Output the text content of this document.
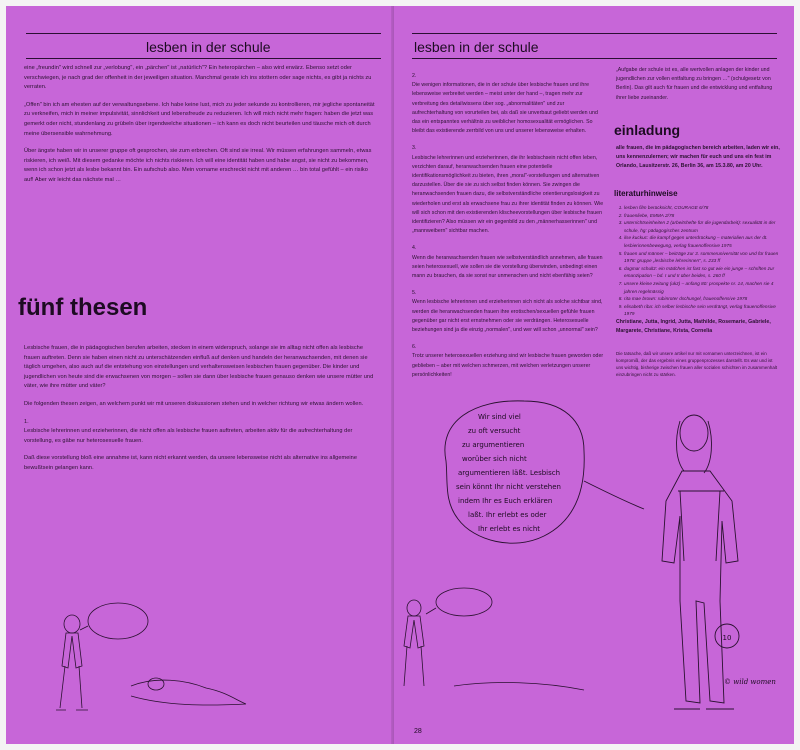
lesben in der schule

eine „freundin" wird schnell zur „verlobung", ein „pärchen" ist „natürlich"? Ein heteropärchen – also wird erwärz. Ebenso setzt oder verschwiegen, je nach grad der offenheit in der jeweiligen situation. Manchmal gerate ich ins stottern oder sage nichts, es gibt ja nichts zu verraten.

„Offen" bin ich am ehesten auf der verwaltungsebene. Ich habe keine lust, mich zu jeder sekunde zu kontrollieren, mir jegliche spontaneität zu verkneifen, mich in meiner impulsivität, sinnlichkeit und lebensfreude zu reduzieren. Ich will mich nicht mehr fragen: haben die jetzt was gemerkt oder nicht, stundenlang zu grübeln über irgendwelche situationen – ich kann es doch nicht beurteilen und täusche mich oft durch meine übersensible wahrnehmung.

Über ängste haben wir in unserer gruppe oft gesprochen, sie zum erbrechen. Oft sind sie irreal. Wir müssen erfahrungen sammeln, etwas riskieren, ich weiß. Mit diesem gedanke möchte ich nichts riskieren. Ich will eine identität haben und habe angst, sie nicht zu bekommen, wenn ich schon jetzt als lesbe bekannt bin. Ein aufschub also. Mein vorname erschreckt nicht mit anderen … bin total gefühlt – ein risiko auf! Aber wir leicht das nächste mal …

fünf thesen

Lesbische frauen, die in pädagogischen berufen arbeiten, stecken in einem widerspruch, solange sie im alltag nicht offen als lesbische frauen auftreten. Denn sie haben einen nicht zu unterschätzenden einfluß auf denken und handeln der heranwachsenden, mit denen sie täglich umgehen, also auch auf die entstehung von einstellungen und verhaltensweisen lesbischen frauen gegenüber. Die kinder und jugendlichen von heute sind die erwachsenen von morgen – sollen sie dann über lesbische frauen genauso denken wie unsere mütter und väter, wie ihre mütter und väter?

Die folgenden thesen zeigen, an welchem punkt wir mit unseren diskussionen stehen und in welcher richtung wir etwas ändern wollen.

1.

Lesbische lehrerinnen und erzieherinnen, die nicht offen als lesbische frauen auftreten, arbeiten aktiv für die aufrechterhaltung der vorstellung, es gäbe nur heterosexuelle frauen.

Daß diese vorstellung bloß eine annahme ist, kann nicht erkannt werden, da unsere lebensweise nicht als alternative ins allgemeine bewußtsein gelangen kann.

lesben in der schule
2.

Die wenigen informationen, die in der schule über lesbische frauen und ihre lebensweise verbreitet werden – meist unter der hand –, tragen mehr zur verbreitung des detailwissens über sog. „abnormalitäten" und zur aufrechterhaltung von vorurteilen bei, als daß sie unverbaut geliebt werden und das ein entspanntes verhältnis zu weiblicher homosexualität ermöglichen. So bleibt das existierende zerrbild von uns und unserer lebensweise erhalten.

3.

Lesbische lehrerinnen und erzieherinnen, die ihr lesbischsein nicht offen leben, verzichten darauf, heranwachsenden frauen eine potentielle identifikationsmöglichkeit zu bieten, ihren „moral"-vorstellungen und alternativen darzustellen. Über die sie zu sich selbst finden können. Sie zwingen die heranwachsenden frauen dazu, die selbstverständliche orientierungslosigkeit zu wiederholen und erst als erwachsene frau zu ihrer identität finden zu können. Wie will sich schon mit den existierenden klischeevorstellungen über lesbische frauen identifizieren? Also müssen wir ein gegenbild zu den „männerhasserinnen" und „mannweibern" sichtbar machen.

4.

Wenn die heranwachsenden frauen wie selbstverständlich annehmen, alle frauen seien heterosexuell, wie sollen sie die vorstellung überwinden, unbedingt einen mann zu brauchen, da sie sonst nur unmenschen und nicht ebenfähig seien?

5.

Wenn lesbische lehrerinnen und erzieherinnen sich nicht als solche sichtbar sind, werden die heranwachsenden frauen ihre erotischen/sexuellen gefühle frauen gegenüber gar nicht erst ernstnehmen oder sie verdrängen. Heterosexuelle beziehungen sind ja die einzig „normalen", und wer will schon „unnormal" sein?

6.

Trotz unserer heterosexuellen erziehung sind wir lesbische frauen geworden oder geblieben – aber mit welchen schmerzen, mit welchen verletzungen unserer persönlichkeiten!

„Aufgabe der schule ist es, alle wertvollen anlagen der kinder und jugendlichen zur vollen entfaltung zu bringen …" (schulgesetz von Berlin). Das gilt auch für frauen und die entwicklung und entfaltung ihrer liebe zueinander.

einladung
alle frauen, die im pädagogischen bereich arbeiten, laden wir ein, uns kennenzulernen; wir machen für euch und uns ein fest im Orlando, Lausitzerstr. 26, Berlin 36, am 15.3.80, am 20 Uhr.
literaturhinweise
1. lesben film berücksicht, COURAGE 6/78
2. frauenliebe, EMMA 2/78
3. unterrichtseinheiten 2 (arbeitshefte für die jugendarbeit): sexualität in der schule, hg: pädagogisches zentrum
4. ilse kuckuc: die kampf gegen unterdrückung – materialien aus der dt. lesbierinnenbewegung, verlag frauenoffensive 1975
5. frauen und männer – beiträge zur 3. sommeruniversität von und für frauen 1978: gruppe „lesbische lehrerinnen", s. 233 ff
6. dagmar schultz: ein mädchen ist fast so gut wie ein junge – schriften zur emanzipation – bd. I und II über beides, s. 260 ff
7. unsere kleine zeitung (ukz) – anfang 80: prospekte nr. 14, machen sie 4 jahren regelmässig
8. rita mae brown: rubinroter dschungel, frauenoffensive 1978
9. elisabeth riba: ich selber lesbische sein verdrängt, verlag frauenoffensive 1979
Christiane, Jutta, Ingrid, Jutta, Mathilde, Rosemarie, Gabriele, Margarete, Christiane, Krista, Cornelia
Die tatsache, daß wir unsere artikel nur mit vornamen unterzeichnen, ist ein kompromiß, der das ergebnis eines gruppenprozesses darstellt. Es war und ist uns wichtig, bisherige zwischen frauen aller sozialen schichten im zusammenhalt einzubringen nicht zu stärken.
Wir sind viel
zu oft versucht
zu argumentieren
worüber sich nicht
argumentieren läßt. Lesbisch
sein könnt Ihr nicht verstehen
indem Ihr es Euch erklären
laßt. Ihr erlebt es oder
Ihr erlebt es nicht
10
© wild women
28
